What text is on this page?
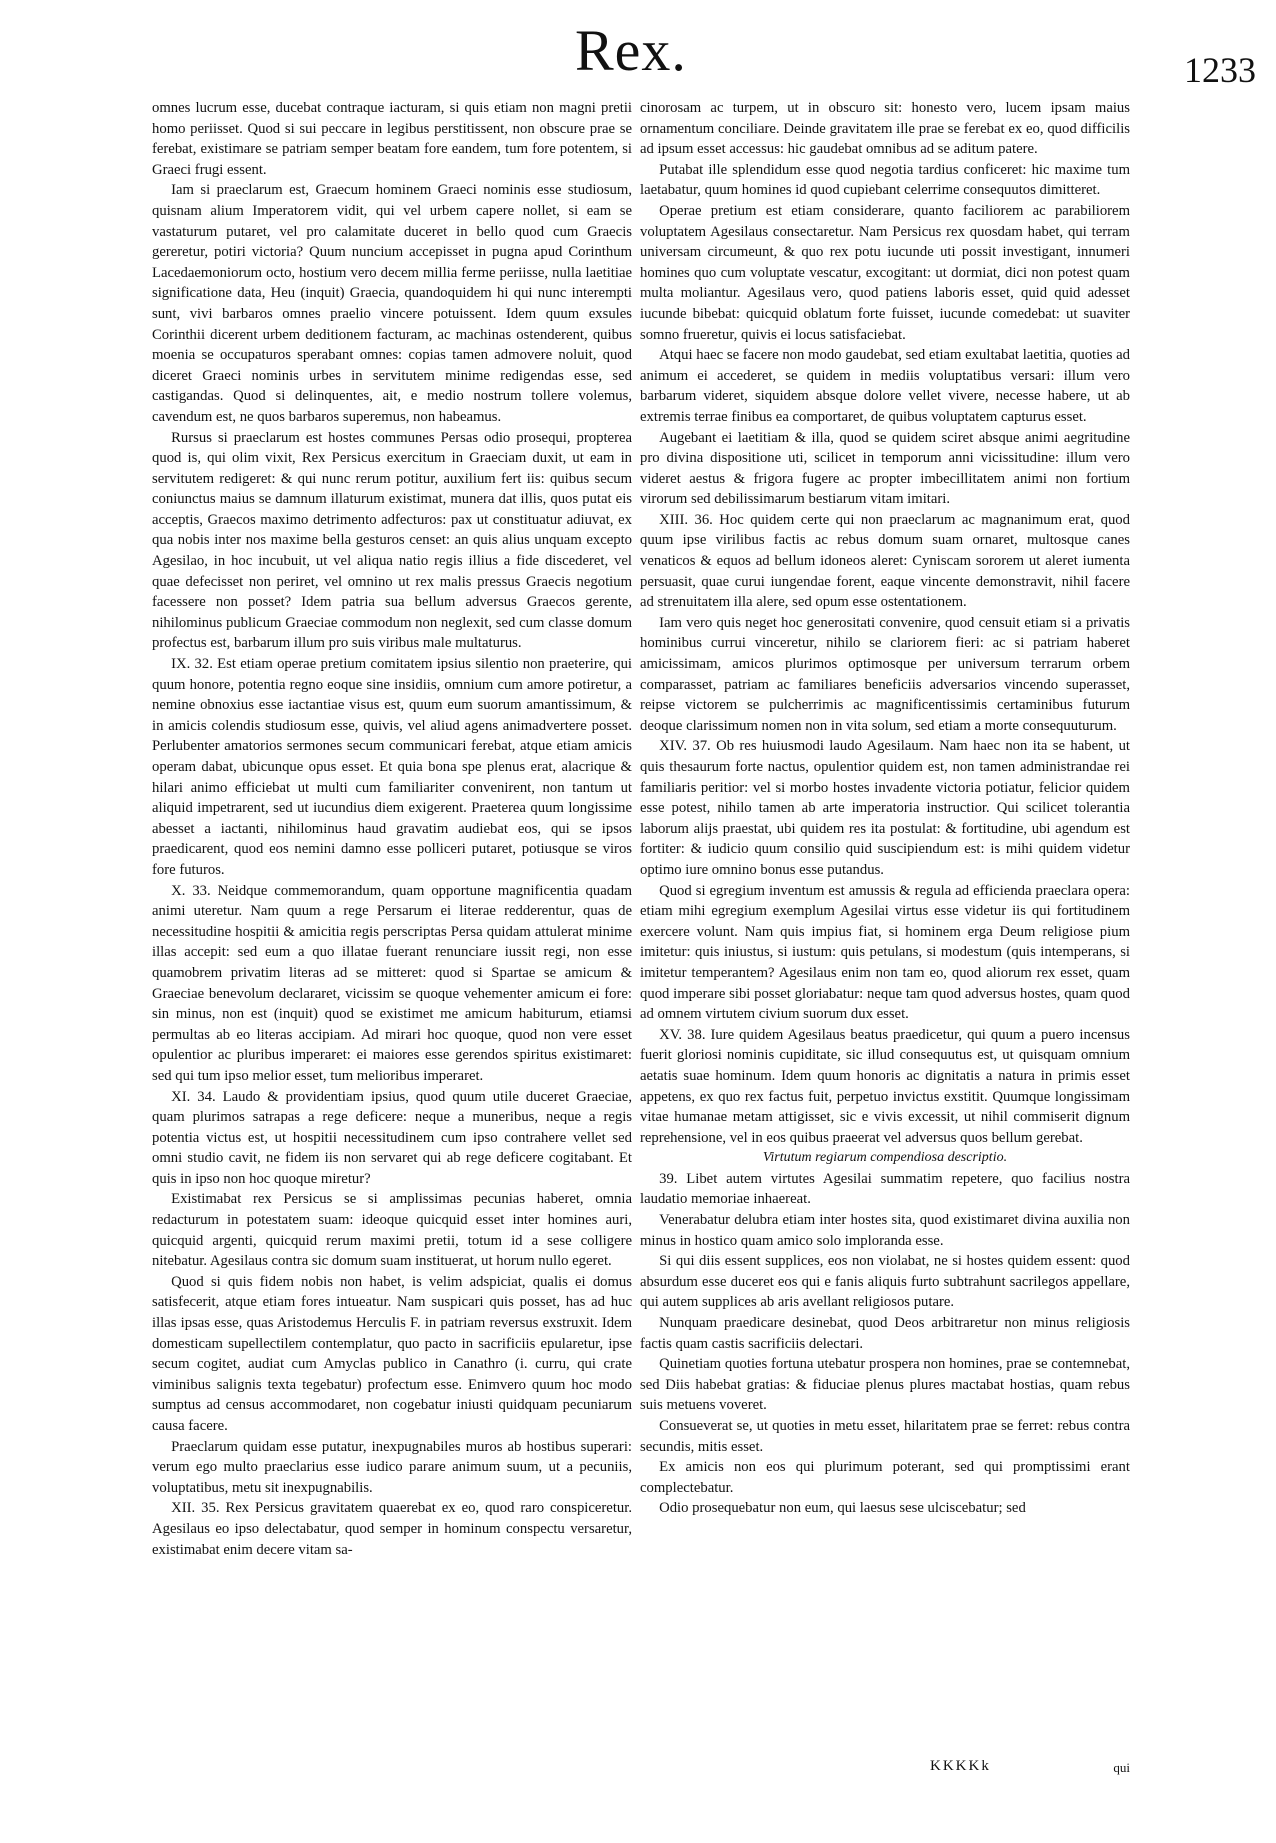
Rex.	1233

omnes lucrum esse, ducebat contraque iacturam, si quis etiam non magni pretii homo periisset. Quod si sui peccare in legibus perstitissent, non obscure prae se ferebat, existimare se patriam semper beatam fore eandem, tum fore potentem, si Graeci frugi essent.

Iam si praeclarum est, Graecum hominem Graeci nominis esse studiosum, quisnam alium Imperatorem vidit, qui vel urbem capere nollet, si eam se vastaturum putaret, vel pro calamitate duceret in bello quod cum Graecis gereretur, potiri victoria? Quum nuncium accepisset in pugna apud Corinthum Lacedaemoniorum octo, hostium vero decem millia ferme periisse, nulla laetitiae significatione data, Heu (inquit) Graecia, quandoquidem hi qui nunc interempti sunt, vivi barbaros omnes praelio vincere potuissent. Idem quum exsules Corinthii dicerent urbem deditionem facturam, ac machinas ostenderent, quibus moenia se occupaturos sperabant omnes: copias tamen admovere noluit, quod diceret Graeci nominis urbes in servitutem minime redigendas esse, sed castigandas. Quod si delinquentes, ait, e medio nostrum tollere volemus, cavendum est, ne quos barbaros superemus, non habeamus.

Rursus si praeclarum est hostes communes Persas odio prosequi, propterea quod is, qui olim vixit, Rex Persicus exercitum in Graeciam duxit, ut eam in servitutem redigeret: & qui nunc rerum potitur, auxilium fert iis: quibus secum coniunctus maius se damnum illaturum existimat, munera dat illis, quos putat eis acceptis, Graecos maximo detrimento adfecturos: pax ut constituatur adiuvat, ex qua nobis inter nos maxime bella gesturos censet: an quis alius unquam excepto Agesilao, in hoc incubuit, ut vel aliqua natio regis illius a fide discederet, vel quae defecisset non periret, vel omnino ut rex malis pressus Graecis negotium facessere non posset? Idem patria sua bellum adversus Graecos gerente, nihilominus publicum Graeciae commodum non neglexit, sed cum classe domum profectus est, barbarum illum pro suis viribus male multaturus.

IX. 32. Est etiam operae pretium comitatem ipsius silentio non praeterire, qui quum honore, potentia regno eoque sine insidiis, omnium cum amore potiretur, a nemine obnoxius esse iactantiae visus est, quum eum suorum amantissimum, & in amicis colendis studiosum esse, quivis, vel aliud agens animadvertere posset. Perlubenter amatorios sermones secum communicari ferebat, atque etiam amicis operam dabat, ubicunque opus esset. Et quia bona spe plenus erat, alacrique & hilari animo efficiebat ut multi cum familiariter convenirent, non tantum ut aliquid impetrarent, sed ut iucundius diem exigerent. Praeterea quum longissime abesset a iactanti, nihilominus haud gravatim audiebat eos, qui se ipsos praedicarent, quod eos nemini damno esse polliceri putaret, potiusque se viros fore futuros.

X. 33. Neidque commemorandum, quam opportune magnificentia quadam animi uteretur. Nam quum a rege Persarum ei literae redderentur, quas de necessitudine hospitii & amicitia regis perscriptas Persa quidam attulerat minime illas accepit: sed eum a quo illatae fuerant renunciare iussit regi, non esse quamobrem privatim literas ad se mitteret: quod si Spartae se amicum & Graeciae benevolum declararet, vicissim se quoque vehementer amicum ei fore: sin minus, non est (inquit) quod se existimet me amicum habiturum, etiamsi permultas ab eo literas accipiam. Ad mirari hoc quoque, quod non vere esset opulentior ac pluribus imperaret: ei maiores esse gerendos spiritus existimaret: sed qui tum ipso melior esset, tum melioribus imperaret.

XI. 34. Laudo & providentiam ipsius, quod quum utile duceret Graeciae, quam plurimos satrapas a rege deficere: neque a muneribus, neque a regis potentia victus est, ut hospitii necessitudinem cum ipso contrahere vellet sed omni studio cavit, ne fidem iis non servaret qui ab rege deficere cogitabant. Et quis in ipso non hoc quoque miretur?

Existimabat rex Persicus se si amplissimas pecunias haberet, omnia redacturum in potestatem suam: ideoque quicquid esset inter homines auri, quicquid argenti, quicquid rerum maximi pretii, totum id a sese colligere nitebatur. Agesilaus contra sic domum suam instituerat, ut horum nullo egeret.

Quod si quis fidem nobis non habet, is velim adspiciat, qualis ei domus satisfecerit, atque etiam fores intueatur. Nam suspicari quis posset, has ad huc illas ipsas esse, quas Aristodemus Herculis F. in patriam reversus exstruxit. Idem domesticam supellectilem contemplatur, quo pacto in sacrificiis epularetur, ipse secum cogitet, audiat cum Amyclas publico in Canathro (i. curru, qui crate viminibus salignis texta tegebatur) profectum esse. Enimvero quum hoc modo sumptus ad census accommodaret, non cogebatur iniusti quidquam pecuniarum causa facere.

Praeclarum quidam esse putatur, inexpugnabiles muros ab hostibus superari: verum ego multo praeclarius esse iudico parare animum suum, ut a pecuniis, voluptatibus, metu sit inexpugnabilis.

XII. 35. Rex Persicus gravitatem quaerebat ex eo, quod raro conspiceretur. Agesilaus eo ipso delectabatur, quod semper in hominum conspectu versaretur, existimabat enim decere vitam sa-

cinorosam ac turpem, ut in obscuro sit: honesto vero, lucem ipsam maius ornamentum conciliare. Deinde gravitatem ille prae se ferebat ex eo, quod difficilis ad ipsum esset accessus: hic gaudebat omnibus ad se aditum patere.

Putabat ille splendidum esse quod negotia tardius conficeret: hic maxime tum laetabatur, quum homines id quod cupiebant celerrime consequutos dimitteret.

Operae pretium est etiam considerare, quanto faciliorem ac parabiliorem voluptatem Agesilaus consectaretur. Nam Persicus rex quosdam habet, qui terram universam circumeunt, & quo rex potu iucunde uti possit investigant, innumeri homines quo cum voluptate vescatur, excogitant: ut dormiat, dici non potest quam multa moliantur. Agesilaus vero, quod patiens laboris esset, quid quid adesset iucunde bibebat: quicquid oblatum forte fuisset, iucunde comedebat: ut suaviter somno frueretur, quivis ei locus satisfaciebat.

Atqui haec se facere non modo gaudebat, sed etiam exultabat laetitia, quoties ad animum ei accederet, se quidem in mediis voluptatibus versari: illum vero barbarum videret, siquidem absque dolore vellet vivere, necesse habere, ut ab extremis terrae finibus ea comportaret, de quibus voluptatem capturus esset.

Augebant ei laetitiam & illa, quod se quidem sciret absque animi aegritudine pro divina dispositione uti, scilicet in temporum anni vicissitudine: illum vero videret aestus & frigora fugere ac propter imbecillitatem animi non fortium virorum sed debilissimarum bestiarum vitam imitari.

XIII. 36. Hoc quidem certe qui non praeclarum ac magnanimum erat, quod quum ipse virilibus factis ac rebus domum suam ornaret, multosque canes venaticos & equos ad bellum idoneos aleret: Cyniscam sororem ut aleret iumenta persuasit, quae curui iungendae forent, eaque vincente demonstravit, nihil facere ad strenuitatem illa alere, sed opum esse ostentationem.

Iam vero quis neget hoc generositati convenire, quod censuit etiam si a privatis hominibus currui vinceretur, nihilo se clariorem fieri: ac si patriam haberet amicissimam, amicos plurimos optimosque per universum terrarum orbem comparasset, patriam ac familiares beneficiis adversarios vincendo superasset, reipse victorem se pulcherrimis ac magnificentissimis certaminibus futurum deoque clarissimum nomen non in vita solum, sed etiam a morte consequuturum.

XIV. 37. Ob res huiusmodi laudo Agesilaum. Nam haec non ita se habent, ut quis thesaurum forte nactus, opulentior quidem est, non tamen administrandae rei familiaris peritior: vel si morbo hostes invadente victoria potiatur, felicior quidem esse potest, nihilo tamen ab arte imperatoria instructior. Qui scilicet tolerantia laborum alijs praestat, ubi quidem res ita postulat: & fortitudine, ubi agendum est fortiter: & iudicio quum consilio quid suscipiendum est: is mihi quidem videtur optimo iure omnino bonus esse putandus.

Quod si egregium inventum est amussis & regula ad efficienda praeclara opera: etiam mihi egregium exemplum Agesilai virtus esse videtur iis qui fortitudinem exercere volunt. Nam quis impius fiat, si hominem erga Deum religiose pium imitetur: quis iniustus, si iustum: quis petulans, si modestum (quis intemperans, si imitetur temperantem? Agesilaus enim non tam eo, quod aliorum rex esset, quam quod imperare sibi posset gloriabatur: neque tam quod adversus hostes, quam quod ad omnem virtutem civium suorum dux esset.

XV. 38. Iure quidem Agesilaus beatus praedicetur, qui quum a puero incensus fuerit gloriosi nominis cupiditate, sic illud consequutus est, ut quisquam omnium aetatis suae hominum. Idem quum honoris ac dignitatis a natura in primis esset appetens, ex quo rex factus fuit, perpetuo invictus exstitit. Quumque longissimam vitae humanae metam attigisset, sic e vivis excessit, ut nihil commiserit dignum reprehensione, vel in eos quibus praeerat vel adversus quos bellum gerebat.

Virtutum regiarum compendiosa descriptio.

39. Libet autem virtutes Agesilai summatim repetere, quo facilius nostra laudatio memoriae inhaereat.

Venerabatur delubra etiam inter hostes sita, quod existimaret divina auxilia non minus in hostico quam amico solo imploranda esse.

Si qui diis essent supplices, eos non violabat, ne si hostes quidem essent: quod absurdum esse duceret eos qui e fanis aliquis furto subtrahunt sacrilegos appellare, qui autem supplices ab aris avellant religiosos putare.

Nunquam praedicare desinebat, quod Deos arbitraretur non minus religiosis factis quam castis sacrificiis delectari.

Quinetiam quoties fortuna utebatur prospera non homines, prae se contemnebat, sed Diis habebat gratias: & fiduciae plenus plures mactabat hostias, quam rebus suis metuens voveret.

Consueverat se, ut quoties in metu esset, hilaritatem prae se ferret: rebus contra secundis, mitis esset.

Ex amicis non eos qui plurimum poterant, sed qui promptissimi erant complectebatur.

Odio prosequebatur non eum, qui laesus sese ulciscebatur; sed

KKKKk	qui
